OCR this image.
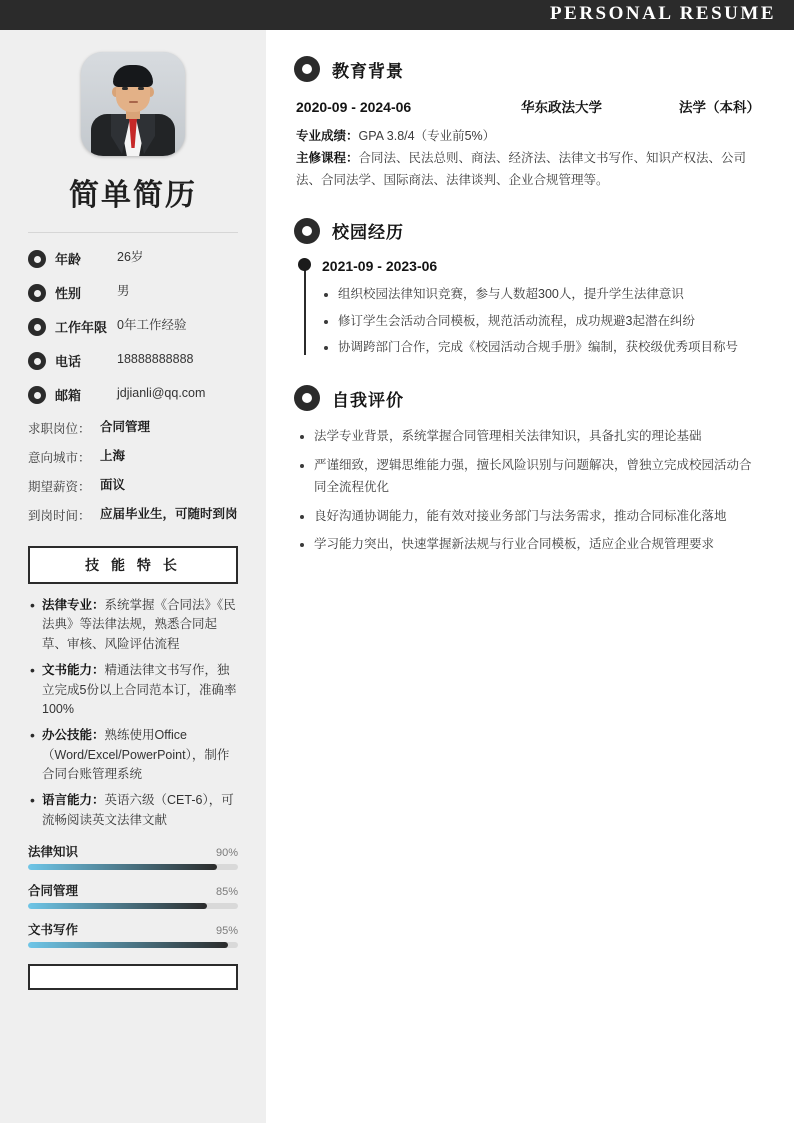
PERSONAL RESUME
简单简历
年龄	26岁
性别	男
工作年限 0年工作经验
电话	18888888888
邮箱	jdjianli@qq.com
求职岗位： 合同管理
意向城市： 上海
期望薪资： 面议
到岗时间： 应届毕业生，可随时到岗
技 能 特 长
• 法律专业：系统掌握《合同法》《民法典》等法律法规，熟悉合同起草、审核、风险评估流程
• 文书能力：精通法律文书写作，独立完成5份以上合同范本订，准确率100%
• 办公技能：熟练使用Office（Word/Excel/PowerPoint），制作合同台账管理系统
• 语言能力：英语六级（CET-6），可流畅阅读英文法律文献
法律知识	90%
合同管理	85%
文书写作	95%
教育背景
2020-09 - 2024-06	华东政法大学	法学（本科）
专业成绩：GPA 3.8/4（专业前5%）
主修课程：合同法、民法总则、商法、经济法、法律文书写作、知识产权法、公司法、合同法学、国际商法、法律谈判、企业合规管理等。
校园经历
2021-09 - 2023-06
• 组织校园法律知识竞赛，参与人数超300人，提升学生法律意识
• 修订学生会活动合同模板，规范活动流程，成功规避3起潜在纠纷
• 协调跨部门合作，完成《校园活动合规手册》编制，获校级优秀项目称号
自我评价
• 法学专业背景，系统掌握合同管理相关法律知识，具备扎实的理论基础
• 严谨细致，逻辑思维能力强，擅长风险识别与问题解决，曾独立完成校园活动合同全流程优化
• 良好沟通协调能力，能有效对接业务部门与法务需求，推动合同标准化落地
• 学习能力突出，快速掌握新法规与行业合同模板，适应企业合规管理要求
